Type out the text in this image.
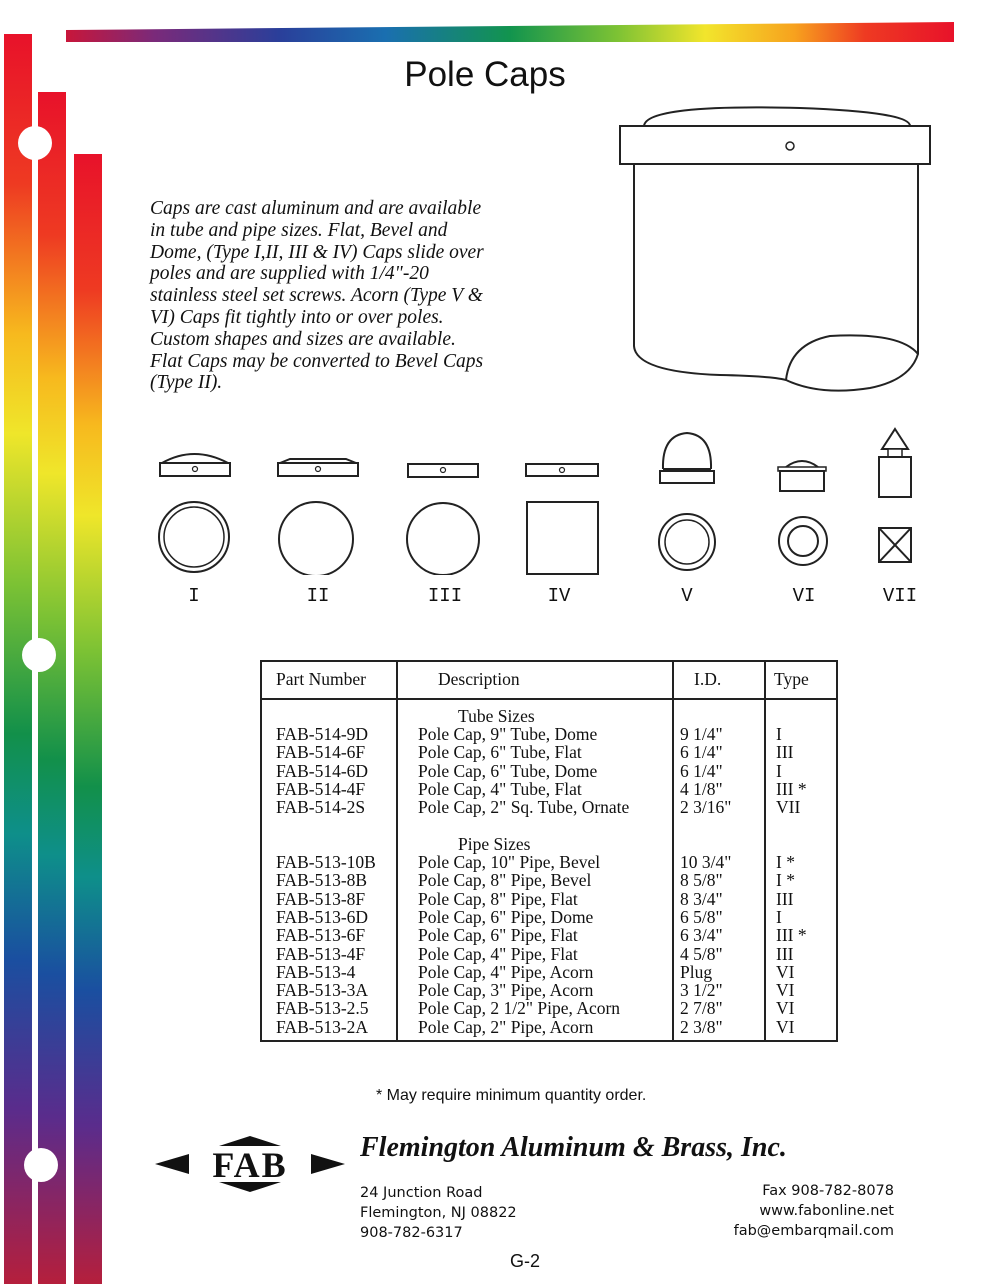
Pole Caps
Caps are cast aluminum and are available
in tube and pipe sizes. Flat, Bevel and
Dome, (Type I,II, III & IV) Caps slide over
poles and are supplied with 1/4"-20
stainless steel set screws. Acorn (Type V &
VI) Caps fit tightly into or over poles.
Custom shapes and sizes are available.
Flat Caps may be converted to Bevel Caps
(Type II).
I	II	III	IV	V	VI	VII
Part Number	Description	I.D.	Type
Tube Sizes
Pipe Sizes
FAB-514-9D	Pole Cap, 9" Tube, Dome	9 1/4"	I
FAB-514-6F	Pole Cap, 6" Tube, Flat	6 1/4"	III
FAB-514-6D	Pole Cap, 6" Tube, Dome	6 1/4"	I
FAB-514-4F	Pole Cap, 4" Tube, Flat	4 1/8"	III *
FAB-514-2S	Pole Cap, 2" Sq. Tube, Ornate	2 3/16"	VII
FAB-513-10B Pole Cap, 10" Pipe, Bevel	10 3/4"	I *
FAB-513-8B	Pole Cap, 8" Pipe, Bevel	8 5/8"	I *
FAB-513-8F	Pole Cap, 8" Pipe, Flat	8 3/4"	III
FAB-513-6D	Pole Cap, 6" Pipe, Dome	6 5/8"	I
FAB-513-6F	Pole Cap, 6" Pipe, Flat	6 3/4"	III *
FAB-513-4F	Pole Cap, 4" Pipe, Flat	4 5/8"	III
FAB-513-4	Pole Cap, 4" Pipe, Acorn	Plug	VI
FAB-513-3A	Pole Cap, 3" Pipe, Acorn	3 1/2"	VI
FAB-513-2.5	Pole Cap, 2 1/2" Pipe, Acorn	2 7/8"	VI
FAB-513-2A	Pole Cap, 2" Pipe, Acorn	2 3/8"	VI
* May require minimum quantity order.
FAB	Flemington Aluminum & Brass, Inc.
24 Junction Road
Flemington, NJ 08822
908-782-6317
Fax 908-782-8078
www.fabonline.net
fab@embarqmail.com
G-2
